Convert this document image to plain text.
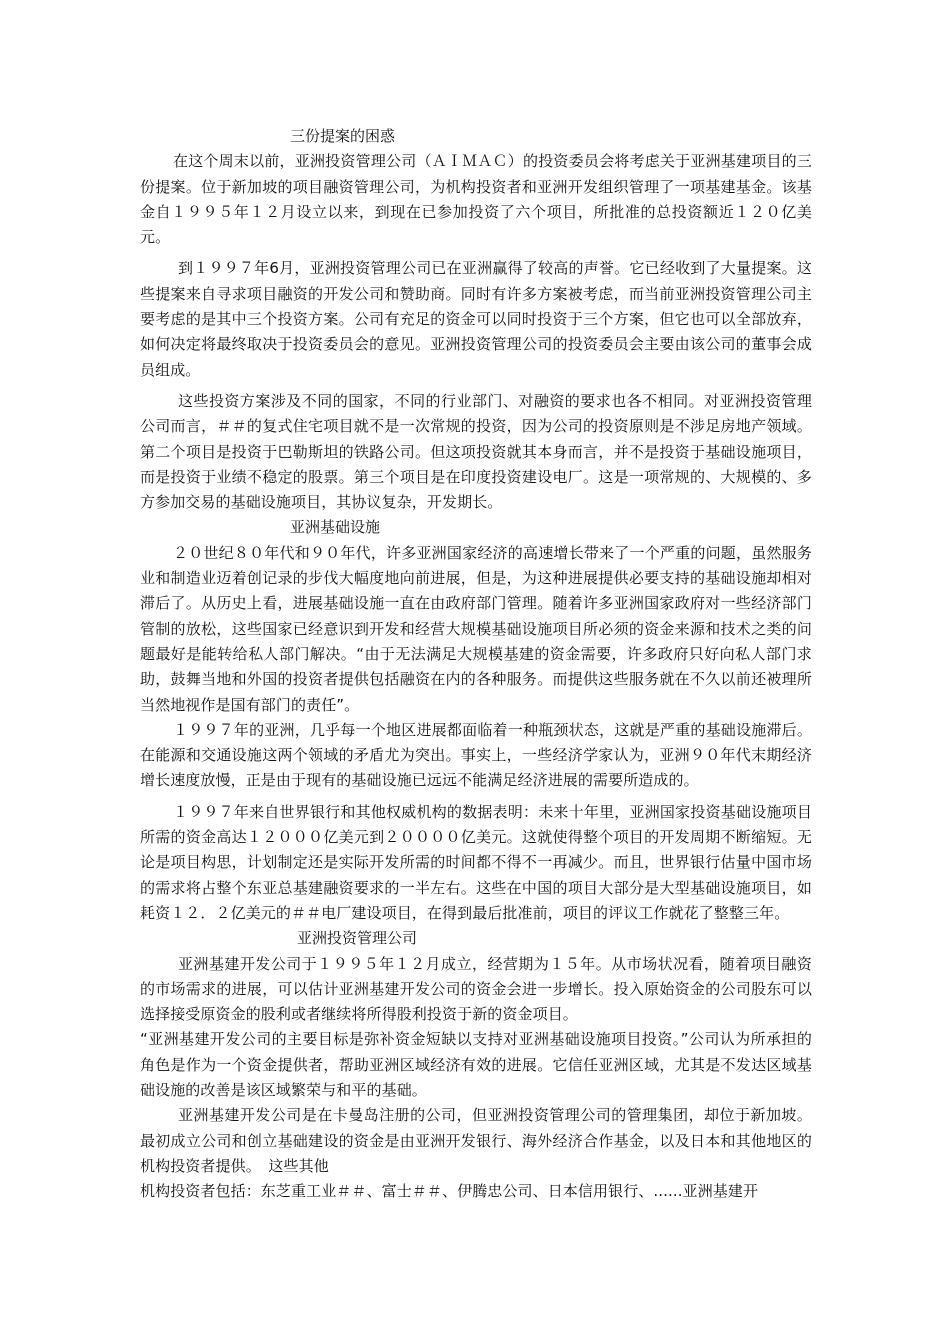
三份提案的困惑

在这个周末以前，亚洲投资管理公司（ＡＩＭＡＣ）的投资委员会将考虑关于亚洲基建项目的三份提案。位于新加坡的项目融资管理公司，为机构投资者和亚洲开发组织管理了一项基建基金。该基金自１９９５年１２月设立以来，到现在已参加投资了六个项目，所批准的总投资额近１２０亿美元。

到１９９７年6月，亚洲投资管理公司已在亚洲赢得了较高的声誉。它已经收到了大量提案。这些提案来自寻求项目融资的开发公司和赞助商。同时有许多方案被考虑，而当前亚洲投资管理公司主要考虑的是其中三个投资方案。公司有充足的资金可以同时投资于三个方案，但它也可以全部放弃，如何决定将最终取决于投资委员会的意见。亚洲投资管理公司的投资委员会主要由该公司的董事会成员组成。

这些投资方案涉及不同的国家，不同的行业部门、对融资的要求也各不相同。对亚洲投资管理公司而言，＃＃的复式住宅项目就不是一次常规的投资，因为公司的投资原则是不涉足房地产领域。第二个项目是投资于巴勒斯坦的铁路公司。但这项投资就其本身而言，并不是投资于基础设施项目，而是投资于业绩不稳定的股票。第三个项目是在印度投资建设电厂。这是一项常规的、大规模的、多方参加交易的基础设施项目，其协议复杂，开发期长。

亚洲基础设施

２０世纪８０年代和９０年代，许多亚洲国家经济的高速增长带来了一个严重的问题，虽然服务业和制造业迈着创记录的步伐大幅度地向前进展，但是，为这种进展提供必要支持的基础设施却相对滞后了。从历史上看，进展基础设施一直在由政府部门管理。随着许多亚洲国家政府对一些经济部门管制的放松，这些国家已经意识到开发和经营大规模基础设施项目所必须的资金来源和技术之类的问题最好是能转给私人部门解决。“由于无法满足大规模基建的资金需要，许多政府只好向私人部门求助，鼓舞当地和外国的投资者提供包括融资在内的各种服务。而提供这些服务就在不久以前还被理所当然地视作是国有部门的责任”。

１９９７年的亚洲，几乎每一个地区进展都面临着一种瓶颈状态，这就是严重的基础设施滞后。在能源和交通设施这两个领域的矛盾尤为突出。事实上，一些经济学家认为，亚洲９０年代末期经济增长速度放慢，正是由于现有的基础设施已远远不能满足经济进展的需要所造成的。

１９９７年来自世界银行和其他权威机构的数据表明：未来十年里，亚洲国家投资基础设施项目所需的资金高达１２０００亿美元到２００００亿美元。这就使得整个项目的开发周期不断缩短。无论是项目构思，计划制定还是实际开发所需的时间都不得不一再减少。而且，世界银行估量中国市场的需求将占整个东亚总基建融资要求的一半左右。这些在中国的项目大部分是大型基础设施项目，如耗资１２．２亿美元的＃＃电厂建设项目，在得到最后批准前，项目的评议工作就花了整整三年。

亚洲投资管理公司

亚洲基建开发公司于１９９５年１２月成立，经营期为１５年。从市场状况看，随着项目融资的市场需求的进展，可以估计亚洲基建开发公司的资金会进一步增长。投入原始资金的公司股东可以选择接受原资金的股利或者继续将所得股利投资于新的资金项目。

“亚洲基建开发公司的主要目标是弥补资金短缺以支持对亚洲基础设施项目投资。”公司认为所承担的角色是作为一个资金提供者，帮助亚洲区域经济有效的进展。它信任亚洲区域，尤其是不发达区域基础设施的改善是该区域繁荣与和平的基础。

亚洲基建开发公司是在卡曼岛注册的公司，但亚洲投资管理公司的管理集团，却位于新加坡。最初成立公司和创立基础建设的资金是由亚洲开发银行、海外经济合作基金，以及日本和其他地区的机构投资者提供。　这些其他

机构投资者包括：东芝重工业＃＃、富士＃＃、伊腾忠公司、日本信用银行、......亚洲基建开
